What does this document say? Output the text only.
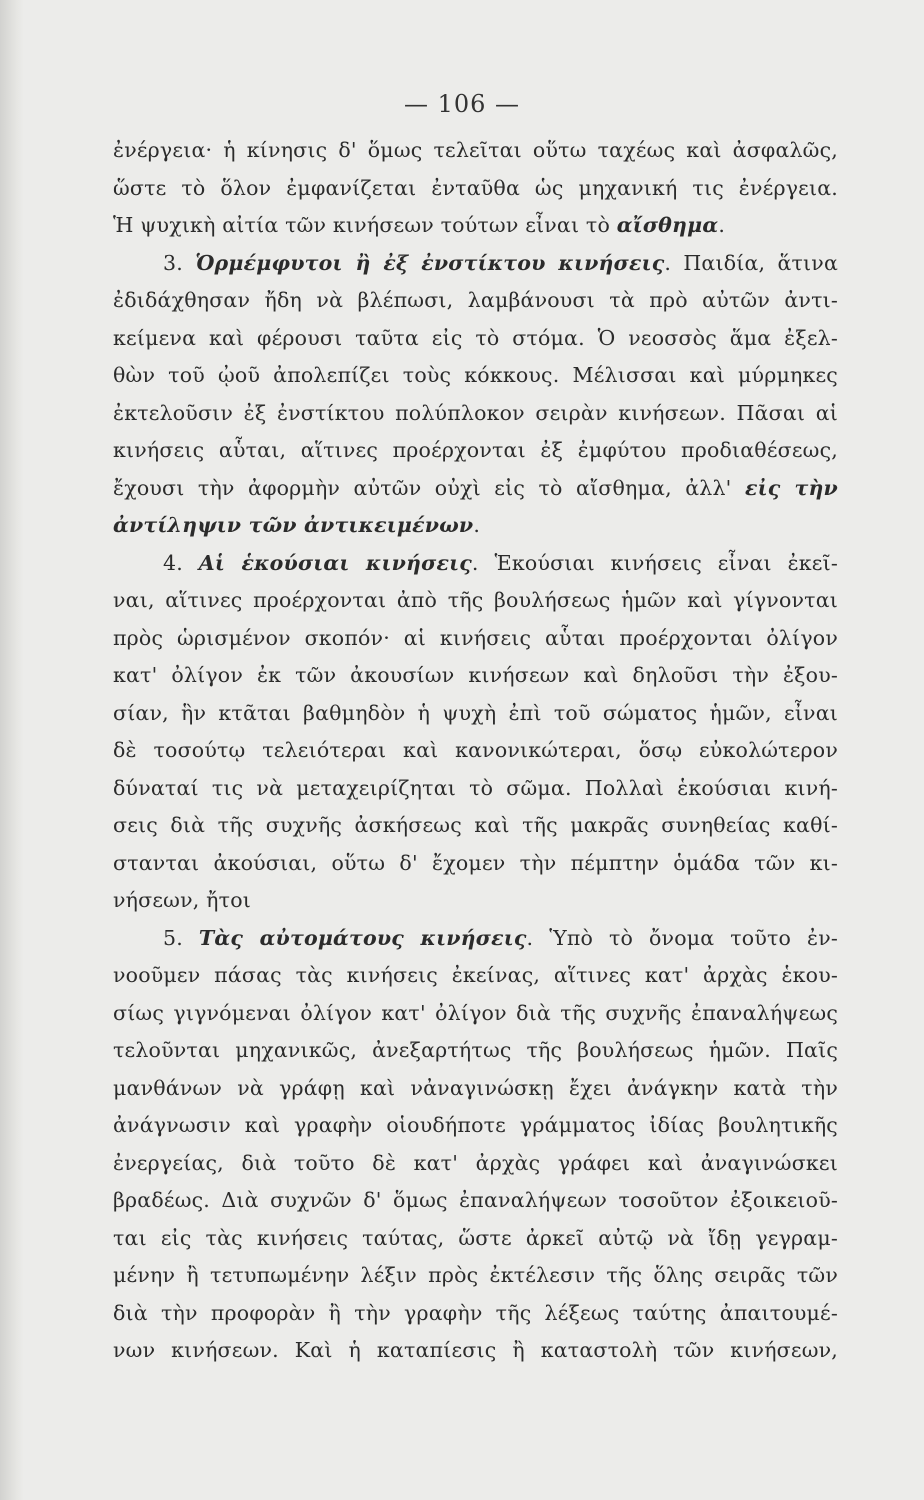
— 106 —
ἐνέργεια· ἡ κίνησις δ' ὅμως τελεῖται οὕτω ταχέως καὶ ἀσφαλῶς,
ὥστε τὸ ὅλον ἐμφανίζεται ἐνταῦθα ὡς μηχανική τις ἐνέργεια.
Ἡ ψυχικὴ αἰτία τῶν κινήσεων τούτων εἶναι τὸ αἴσθημα.
3. Ὁρμέμφυτοι ἢ ἐξ ἐνστίκτου κινήσεις. Παιδία, ἅτινα
ἐδιδάχθησαν ἤδη νὰ βλέπωσι, λαμβάνουσι τὰ πρὸ αὐτῶν ἀντι-
κείμενα καὶ φέρουσι ταῦτα εἰς τὸ στόμα. Ὁ νεοσσὸς ἅμα ἐξελ-
θὼν τοῦ ᾠοῦ ἀπολεπίζει τοὺς κόκκους. Μέλισσαι καὶ μύρμηκες
ἐκτελοῦσιν ἐξ ἐνστίκτου πολύπλοκον σειρὰν κινήσεων. Πᾶσαι αἱ
κινήσεις αὗται, αἵτινες προέρχονται ἐξ ἐμφύτου προδιαθέσεως,
ἔχουσι τὴν ἀφορμὴν αὐτῶν οὐχὶ εἰς τὸ αἴσθημα, ἀλλ' εἰς τὴν
ἀντίληψιν τῶν ἀντικειμένων.
4. Αἱ ἑκούσιαι κινήσεις. Ἑκούσιαι κινήσεις εἶναι ἐκεῖ-
ναι, αἵτινες προέρχονται ἀπὸ τῆς βουλήσεως ἡμῶν καὶ γίγνονται
πρὸς ὡρισμένον σκοπόν· αἱ κινήσεις αὗται προέρχονται ὀλίγον
κατ' ὀλίγον ἐκ τῶν ἀκουσίων κινήσεων καὶ δηλοῦσι τὴν ἐξου-
σίαν, ἣν κτᾶται βαθμηδὸν ἡ ψυχὴ ἐπὶ τοῦ σώματος ἡμῶν, εἶναι
δὲ τοσούτῳ τελειότεραι καὶ κανονικώτεραι, ὅσῳ εὐκολώτερον
δύναταί τις νὰ μεταχειρίζηται τὸ σῶμα. Πολλαὶ ἑκούσιαι κινή-
σεις διὰ τῆς συχνῆς ἀσκήσεως καὶ τῆς μακρᾶς συνηθείας καθί-
στανται ἀκούσιαι, οὕτω δ' ἔχομεν τὴν πέμπτην ὁμάδα τῶν κι-
νήσεων, ἤτοι
5. Τὰς αὐτομάτους κινήσεις. Ὑπὸ τὸ ὄνομα τοῦτο ἐν-
νοοῦμεν πάσας τὰς κινήσεις ἐκείνας, αἵτινες κατ' ἀρχὰς ἑκου-
σίως γιγνόμεναι ὀλίγον κατ' ὀλίγον διὰ τῆς συχνῆς ἐπαναλήψεως
τελοῦνται μηχανικῶς, ἀνεξαρτήτως τῆς βουλήσεως ἡμῶν. Παῖς
μανθάνων νὰ γράφῃ καὶ νἀναγινώσκῃ ἔχει ἀνάγκην κατὰ τὴν
ἀνάγνωσιν καὶ γραφὴν οἱουδήποτε γράμματος ἰδίας βουλητικῆς
ἐνεργείας, διὰ τοῦτο δὲ κατ' ἀρχὰς γράφει καὶ ἀναγινώσκει
βραδέως. Διὰ συχνῶν δ' ὅμως ἐπαναλήψεων τοσοῦτον ἐξοικειοῦ-
ται εἰς τὰς κινήσεις ταύτας, ὥστε ἀρκεῖ αὐτῷ νὰ ἴδῃ γεγραμ-
μένην ἢ τετυπωμένην λέξιν πρὸς ἐκτέλεσιν τῆς ὅλης σειρᾶς τῶν
διὰ τὴν προφορὰν ἢ τὴν γραφὴν τῆς λέξεως ταύτης ἀπαιτουμέ-
νων κινήσεων. Καὶ ἡ καταπίεσις ἢ καταστολὴ τῶν κινήσεων,
